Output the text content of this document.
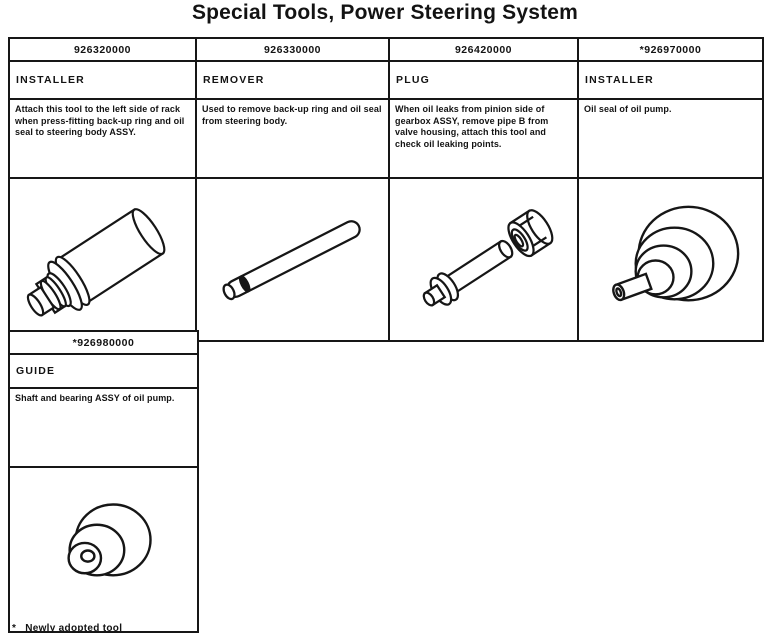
Special Tools, Power Steering System
926320000	926330000	926420000	*926970000
INSTALLER	REMOVER	PLUG	INSTALLER
Attach this tool to the left side of rack when press-fitting back-up ring and oil seal to steering body ASSY.	Used to remove back-up ring and oil seal from steering body.	When oil leaks from pinion side of gearbox ASSY, remove pipe B from valve housing, attach this tool and check oil leaking points.	Oil seal of oil pump.

*926980000
GUIDE
Shaft and bearing ASSY of oil pump.

* Newly adopted tool
